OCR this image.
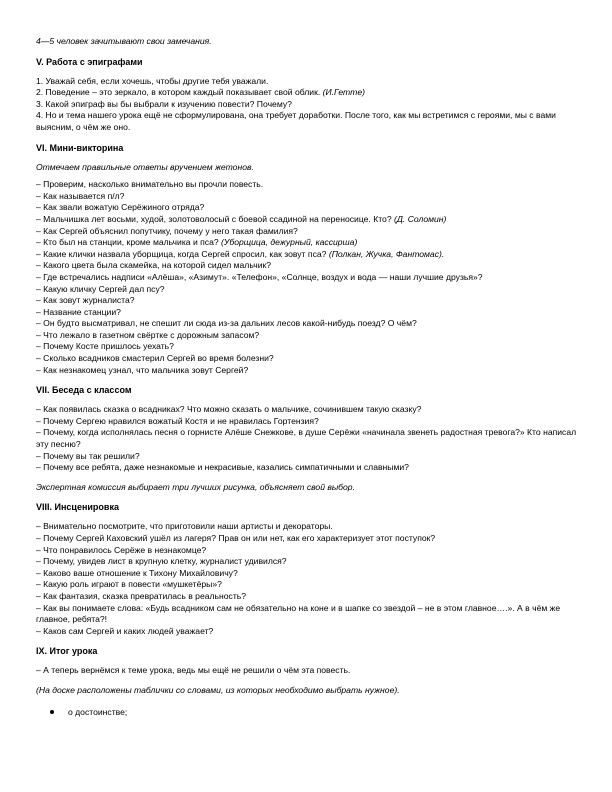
4—5 человек зачитывают свои замечания.

V. Работа с эпиграфами

1. Уважай себя, если хочешь, чтобы другие тебя уважали.

2. Поведение – это зеркало, в котором каждый показывает свой облик. (И.Гетте)

3. Какой эпиграф вы бы выбрали к изучению повести? Почему?

4. Но и тема нашего урока ещё не сформулирована, она требует доработки. После того, как мы встретимся с героями, мы с вами выясним, о чём же оно.

VI. Мини-викторина

Отмечаем правильные ответы вручением жетонов.

– Проверим, насколько внимательно вы прочли повесть.

– Как называется п/л?

– Как звали вожатую Серёжиного отряда?

– Мальчишка лет восьми, худой, золотоволосый с боевой ссадиной на переносице. Кто? (Д. Соломин)

– Как Сергей объяснил попутчику, почему у него такая фамилия?

– Кто был на станции, кроме мальчика и пса? (Уборщица, дежурный, кассирша)

– Какие клички назвала уборщица, когда Сергей спросил, как зовут пса? (Полкан, Жучка, Фантомас).

– Какого цвета была скамейка, на которой сидел мальчик?

– Где встречались надписи «Алёша», «Азимут». «Телефон», «Солнце, воздух и вода — наши лучшие друзья»?

– Какую кличку Сергей дал псу?

– Как зовут журналиста?

– Название станции?

– Он будто высматривал, не спешит ли сюда из-за дальних лесов какой-нибудь поезд? О чём?

– Что лежало в газетном свёртке с дорожным запасом?

– Почему Косте пришлось уехать?

– Сколько всадников смастерил Сергей во время болезни?

– Как незнакомец узнал, что мальчика зовут Сергей?

VII. Беседа с классом

– Как появилась сказка о всадниках? Что можно сказать о мальчике, сочинившем такую сказку?

– Почему Сергею нравился вожатый Костя и не нравилась Гортензия?

– Почему, когда исполнялась песня о горнисте Алёше Снежкове, в душе Серёжи «начинала звенеть радостная тревога?» Кто написал эту песню?

– Почему вы так решили?

– Почему все ребята, даже незнакомые и некрасивые, казались симпатичными и славными?

Экспертная комиссия выбирает три лучших рисунка, объясняет свой выбор.

VIII. Инсценировка

– Внимательно посмотрите, что приготовили наши артисты и декораторы.

– Почему Сергей Каховский ушёл из лагеря? Прав он или нет, как его характеризует этот поступок?

– Что понравилось Серёже в незнакомце?

– Почему, увидев лист в крупную клетку, журналист удивился?

– Каково ваше отношение к Тихону Михайловичу?

– Какую роль играют в повести «мушкетёры»?

– Как фантазия, сказка превратилась в реальность?

– Как вы понимаете слова: «Будь всадником сам не обязательно на коне и в шапке со звездой – не в этом главное….». А в чём же главное, ребята?!

– Каков сам Сергей и каких людей уважает?

IX. Итог урока

– А теперь вернёмся к теме урока, ведь мы ещё не решили о чём эта повесть.

(На доске расположены таблички со словами, из которых необходимо выбрать нужное).

о достоинстве;
